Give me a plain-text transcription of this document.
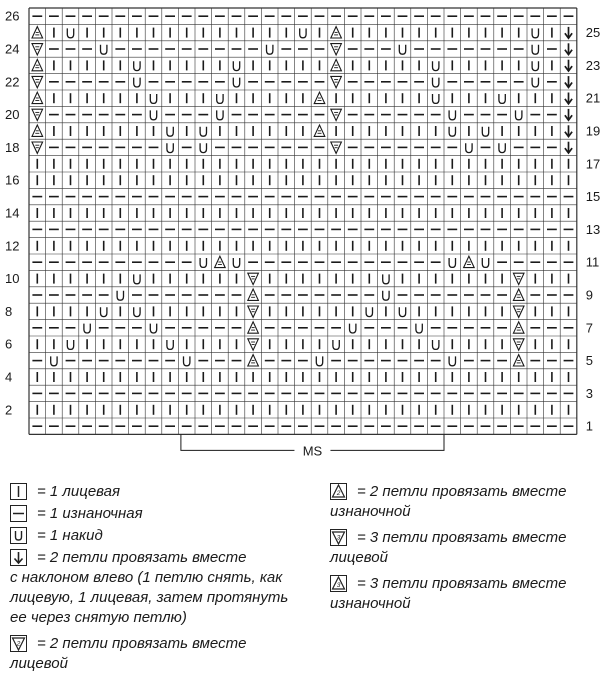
2
4
6
8
10
12
14
16
18
20
22
24
26
1
3
5
7
9
11
13
15
17
19
21
23
25
MS
= 1 лицевая
= 1 изнаночная
= 1 накид
= 2 петли провязать вместе
с наклоном влево (1 петлю снять, как
лицевую, 1 лицевая, затем протянуть
ее через снятую петлю)
2 = 2 петли провязать вместе
лицевой
2 = 2 петли провязать вместе
изнаночной
3 = 3 петли провязать вместе
лицевой
3 = 3 петли провязать вместе
изнаночной
